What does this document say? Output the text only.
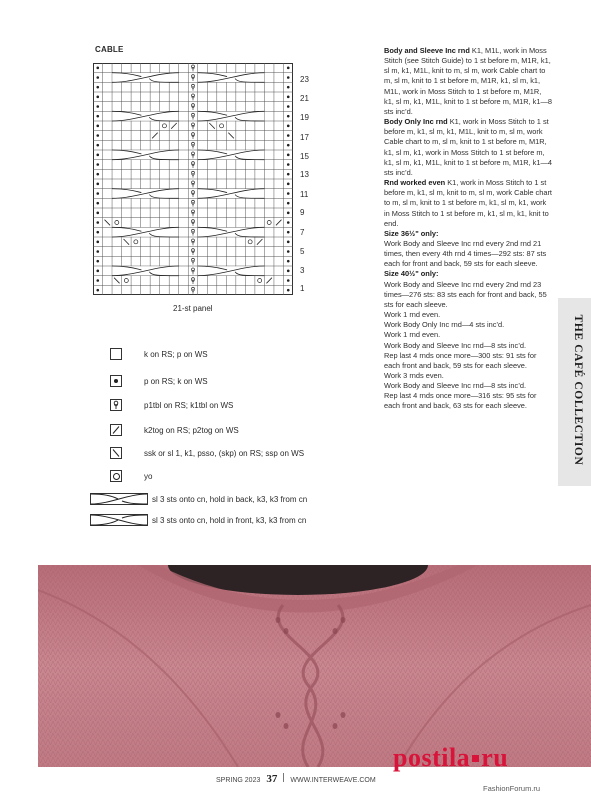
CABLE
23
21
19
17
15
13
11
9
7
5
3
1
21-st panel
k on RS; p on WS
p on RS; k on WS
p1tbl on RS; k1tbl on WS
k2tog on RS; p2tog on WS
ssk or sl 1, k1, psso, (skp) on RS; ssp on WS
yo
sl 3 sts onto cn, hold in back, k3, k3 from cn
sl 3 sts onto cn, hold in front, k3, k3 from cn

Body and Sleeve Inc rnd K1, M1L, work in Moss Stitch (see Stitch Guide) to 1 st before m, M1R, k1, sl m, k1, M1L, knit to m, sl m, work Cable chart to m, sl m, knit to 1 st before m, M1R, k1, sl m, k1, M1L, work in Moss Stitch to 1 st before m, M1R, k1, sl m, k1, M1L, knit to 1 st before m, M1R, k1—8 sts inc’d.

Body Only Inc rnd K1, work in Moss Stitch to 1 st before m, k1, sl m, k1, M1L, knit to m, sl m, work Cable chart to m, sl m, knit to 1 st before m, M1R, k1, sl m, k1, work in Moss Stitch to 1 st before m, k1, sl m, k1, M1L, knit to 1 st before m, M1R, k1—4 sts inc’d.

Rnd worked even K1, work in Moss Stitch to 1 st before m, k1, sl m, knit to m, sl m, work Cable chart to m, sl m, knit to 1 st before m, k1, sl m, k1, work in Moss Stitch to 1 st before m, k1, sl m, k1, knit to end.

Size 36½" only:

Work Body and Sleeve Inc rnd every 2nd rnd 21 times, then every 4th rnd 4 times—292 sts: 87 sts each for front and back, 59 sts for each sleeve.

Size 40½" only:

Work Body and Sleeve Inc rnd every 2nd rnd 23 times—276 sts: 83 sts each for front and back, 55 sts for each sleeve.

Work 1 rnd even.

Work Body Only Inc rnd—4 sts inc’d.

Work 1 rnd even.

Work Body and Sleeve Inc rnd—8 sts inc’d.

Rep last 4 rnds once more—300 sts: 91 sts for each front and back, 59 sts for each sleeve.

Work 3 rnds even.

Work Body and Sleeve Inc rnd—8 sts inc’d.

Rep last 4 rnds once more—316 sts: 95 sts for each front and back, 63 sts for each sleeve.	THE CAFÉ COLLECTION
SPRING 2023 37 WWW.INTERWEAVE.COM
postila ru
FashionForum.ru
